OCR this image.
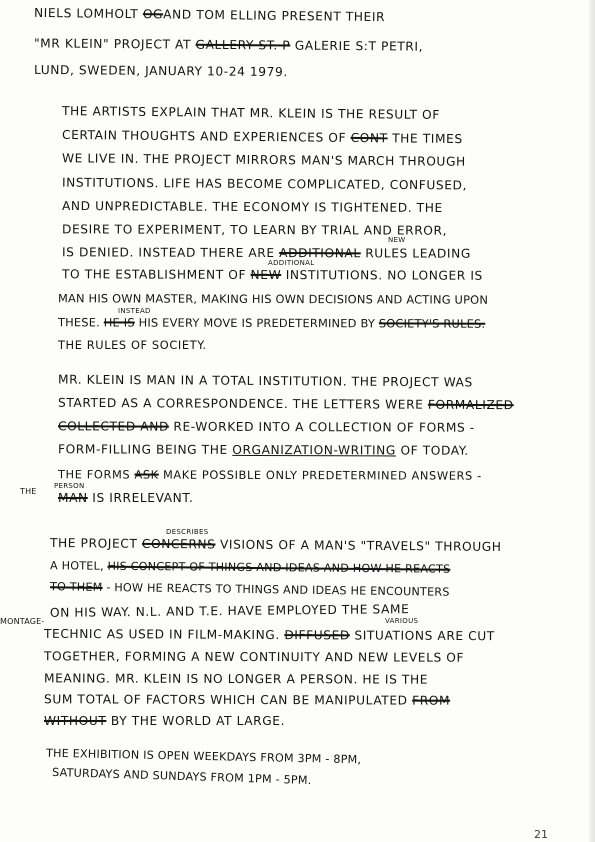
NIELS LOMHOLT OGAND TOM ELLING PRESENT THEIR
"MR KLEIN" PROJECT AT GALLERY ST. P GALERIE S:T PETRI,
LUND, SWEDEN, JANUARY 10-24 1979.
THE ARTISTS EXPLAIN THAT MR. KLEIN IS THE RESULT OF
CERTAIN THOUGHTS AND EXPERIENCES OF CONT THE TIMES
WE LIVE IN. THE PROJECT MIRRORS MAN'S MARCH THROUGH
INSTITUTIONS. LIFE HAS BECOME COMPLICATED, CONFUSED,
AND UNPREDICTABLE. THE ECONOMY IS TIGHTENED. THE
DESIRE TO EXPERIMENT, TO LEARN BY TRIAL AND ERROR,
NEW
IS DENIED. INSTEAD THERE ARE ADDITIONAL RULES LEADING
ADDITIONAL
TO THE ESTABLISHMENT OF NEW INSTITUTIONS. NO LONGER IS
MAN HIS OWN MASTER, MAKING HIS OWN DECISIONS AND ACTING UPON
INSTEAD
THESE. HE IS HIS EVERY MOVE IS PREDETERMINED BY SOCIETY'S RULES.
THE RULES OF SOCIETY.
MR. KLEIN IS MAN IN A TOTAL INSTITUTION. THE PROJECT WAS
STARTED AS A CORRESPONDENCE. THE LETTERS WERE FORMALIZED
COLLECTED AND RE-WORKED INTO A COLLECTION OF FORMS -
FORM-FILLING BEING THE ORGANIZATION-WRITING OF TODAY.
THE FORMS ASK MAKE POSSIBLE ONLY PREDETERMINED ANSWERS -
THE
PERSON
MAN IS IRRELEVANT.
DESCRIBES
THE PROJECT CONCERNS VISIONS OF A MAN'S "TRAVELS" THROUGH
A HOTEL, HIS CONCEPT OF THINGS AND IDEAS AND HOW HE REACTS
TO THEM - HOW HE REACTS TO THINGS AND IDEAS HE ENCOUNTERS
ON HIS WAY. N.L. AND T.E. HAVE EMPLOYED THE SAME
MONTAGE-	VARIOUS
TECHNIC AS USED IN FILM-MAKING. DIFFUSED SITUATIONS ARE CUT
TOGETHER, FORMING A NEW CONTINUITY AND NEW LEVELS OF
MEANING. MR. KLEIN IS NO LONGER A PERSON. HE IS THE
SUM TOTAL OF FACTORS WHICH CAN BE MANIPULATED FROM
WITHOUT BY THE WORLD AT LARGE.
THE EXHIBITION IS OPEN WEEKDAYS FROM 3PM - 8PM,
SATURDAYS AND SUNDAYS FROM 1PM - 5PM.
21
